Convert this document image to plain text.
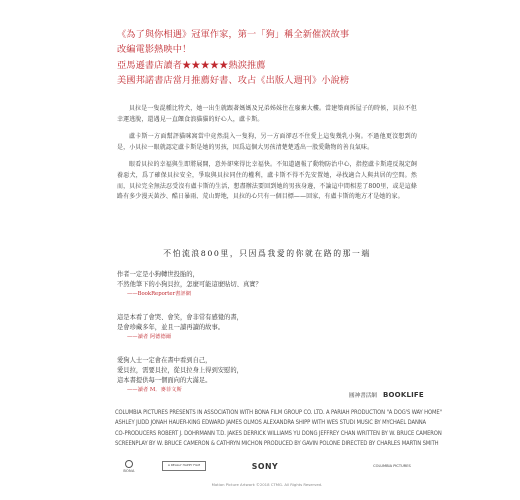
《為了與你相遇》冠軍作家，第一「狗」稱全新催淚故事
改編電影熱映中！
亞馬遜書店讀者★★★★★熱淚推薦
美國邦諾書店當月推薦好書、攻占《出版人週刊》小說榜

貝拉是一隻混種比特犬，她一出生就跟著媽媽及兄弟姊妹住在廢棄大樓。當建築商拆屋子的時候，貝拉不但幸運逃脫，還遇見一直餵食浪貓貓的好心人，盧卡斯。

盧卡斯一方面幫評貓咪窩當中竟然混入一隻狗，另一方面卻忍不住愛上這隻幾乳小狗。不過他更沒想到的是，小貝拉一眼就認定盧卡斯是她的男孩，因爲這個大男孩清楚楚透出一股愛動物的善良氣味。

眼看貝拉的幸福與生即將展開，意外卻來得比幸福快。不知道過報了動物防治中心，指控盧卡斯違反規定飼養惡犬，爲了確保貝拉安全，爭取與貝拉同住的權利，盧卡斯不得不先安置她，尋找適合人與共居的空間。然而，貝拉完全無法忍受沒有盧卡斯的生活，想盡辦法要回到她的男孩身邊，不論這中間相差了800里，或是這條路有多少漫天黃沙、酷日暴雨、荒山野地，貝拉的心只有一個目標——回家，有盧卡斯的地方才是她的家。

不怕流浪800里，只因爲我愛的你就在路的那一端
作者一定是小狗轉世投胎的，
不然他筆下的小狗貝拉，怎麼可能這麼貼切、真實？
——BookReporter書評網
這是本看了會哭、會笑，會非常有感覺的書，
是會珍藏多年，並且一讀再讀的故事。
——讀者 阿德德爾
愛狗人士一定會在書中看到自己，
愛貝拉，需要貝拉，從貝拉身上得到安慰的，
這本書提供每一個面向的大滿足。
——讀者 M．麥菲文斯
圓神書活網 BOOKLIFE
COLUMBIA PICTURES PRESENTS IN ASSOCIATION WITH BONA FILM GROUP CO. LTD. A PARIAH PRODUCTION "A DOG'S WAY HOME"
ASHLEY JUDD JONAH HAUER-KING EDWARD JAMES OLMOS ALEXANDRA SHIPP WITH WES STUDI MUSIC BY MYCHAEL DANNA
CO-PRODUCERS ROBERT J. DOHRMANN T.D. JAKES DERRICK WILLIAMS YU DONG JEFFREY CHAN WRITTEN BY W. BRUCE CAMERON
SCREENPLAY BY W. BRUCE CAMERON & CATHRYN MICHON PRODUCED BY GAVIN POLONE DIRECTED BY CHARLES MARTIN SMITH
BONA
A REALLY HAPPY FILM	SONY	COLUMBIA PICTURES
Motion Picture Artwork ©2018 CTMG. All Rights Reserved.
